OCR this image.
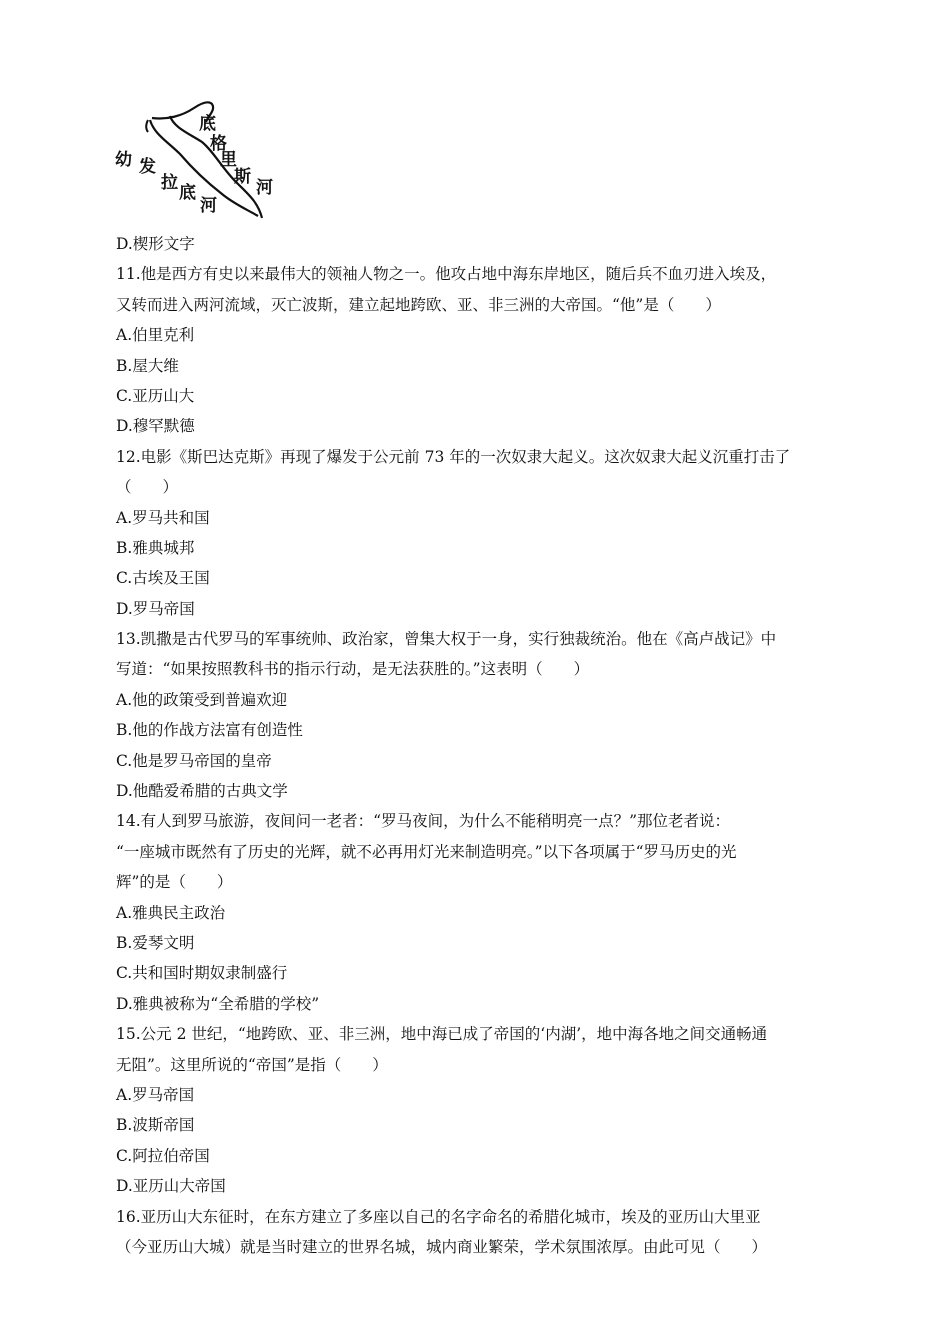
底
格
里
斯
河
幼 发
拉 底
河
D.楔形文字
11.他是西方有史以来最伟大的领袖人物之一。他攻占地中海东岸地区，随后兵不血刃进入埃及，
又转而进入两河流域，灭亡波斯，建立起地跨欧、亚、非三洲的大帝国。“他”是（　　）
A.伯里克利
B.屋大维
C.亚历山大
D.穆罕默德
12.电影《斯巴达克斯》再现了爆发于公元前 73 年的一次奴隶大起义。这次奴隶大起义沉重打击了
（　　）
A.罗马共和国
B.雅典城邦
C.古埃及王国
D.罗马帝国
13.凯撒是古代罗马的军事统帅、政治家，曾集大权于一身，实行独裁统治。他在《高卢战记》中
写道：“如果按照教科书的指示行动，是无法获胜的。”这表明（　　）
A.他的政策受到普遍欢迎
B.他的作战方法富有创造性
C.他是罗马帝国的皇帝
D.他酷爱希腊的古典文学
14.有人到罗马旅游，夜间问一老者：“罗马夜间，为什么不能稍明亮一点？”那位老者说：
“一座城市既然有了历史的光辉，就不必再用灯光来制造明亮。”以下各项属于“罗马历史的光
辉”的是（　　）
A.雅典民主政治
B.爱琴文明
C.共和国时期奴隶制盛行
D.雅典被称为“全希腊的学校”
15.公元 2 世纪，“地跨欧、亚、非三洲，地中海已成了帝国的‘内湖’，地中海各地之间交通畅通
无阻”。这里所说的“帝国”是指（　　）
A.罗马帝国
B.波斯帝国
C.阿拉伯帝国
D.亚历山大帝国
16.亚历山大东征时，在东方建立了多座以自己的名字命名的希腊化城市，埃及的亚历山大里亚
（今亚历山大城）就是当时建立的世界名城，城内商业繁荣，学术氛围浓厚。由此可见（　　）
